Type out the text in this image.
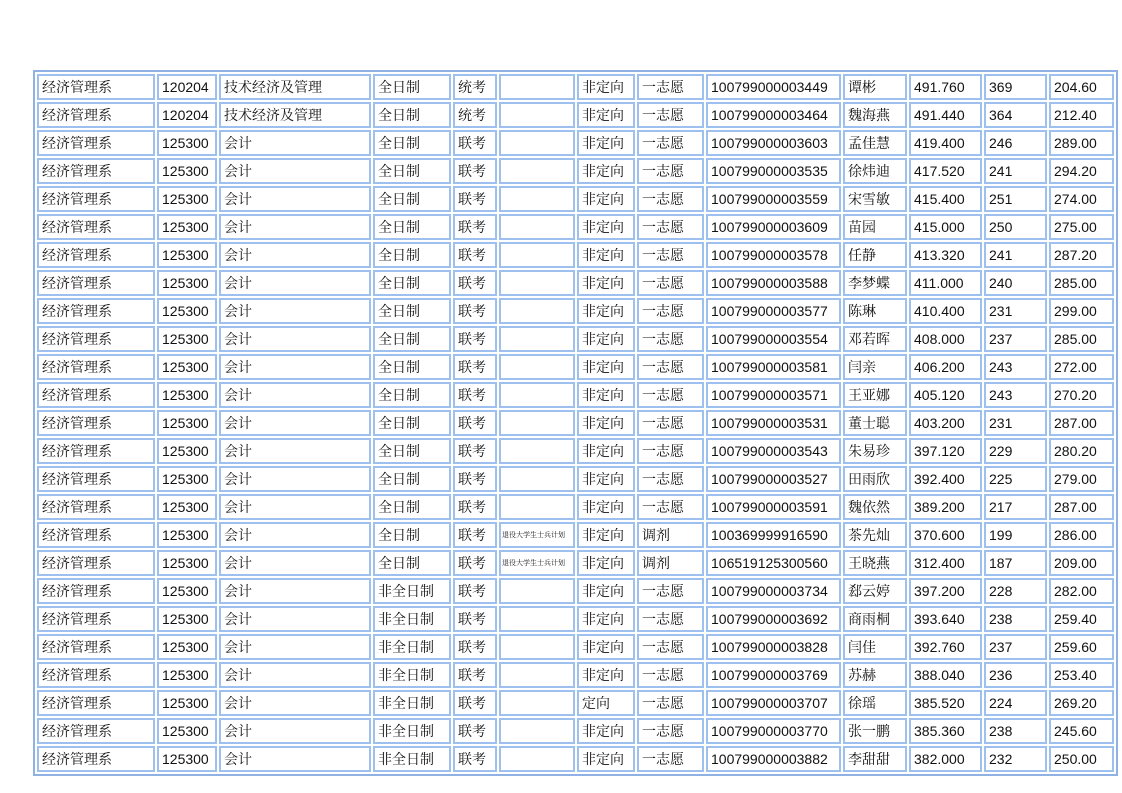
经济管理系	120204	技术经济及管理	全日制	统考		非定向	一志愿	100799000003449	谭彬	491.760	369	204.60
经济管理系	120204	技术经济及管理	全日制	统考		非定向	一志愿	100799000003464	魏海燕	491.440	364	212.40
经济管理系	125300	会计	全日制	联考		非定向	一志愿	100799000003603	孟佳慧	419.400	246	289.00
经济管理系	125300	会计	全日制	联考		非定向	一志愿	100799000003535	徐炜迪	417.520	241	294.20
经济管理系	125300	会计	全日制	联考		非定向	一志愿	100799000003559	宋雪敏	415.400	251	274.00
经济管理系	125300	会计	全日制	联考		非定向	一志愿	100799000003609	苗园	415.000	250	275.00
经济管理系	125300	会计	全日制	联考		非定向	一志愿	100799000003578	任静	413.320	241	287.20
经济管理系	125300	会计	全日制	联考		非定向	一志愿	100799000003588	李梦蝶	411.000	240	285.00
经济管理系	125300	会计	全日制	联考		非定向	一志愿	100799000003577	陈琳	410.400	231	299.00
经济管理系	125300	会计	全日制	联考		非定向	一志愿	100799000003554	邓若晖	408.000	237	285.00
经济管理系	125300	会计	全日制	联考		非定向	一志愿	100799000003581	闫亲	406.200	243	272.00
经济管理系	125300	会计	全日制	联考		非定向	一志愿	100799000003571	王亚娜	405.120	243	270.20
经济管理系	125300	会计	全日制	联考		非定向	一志愿	100799000003531	董士聪	403.200	231	287.00
经济管理系	125300	会计	全日制	联考		非定向	一志愿	100799000003543	朱易珍	397.120	229	280.20
经济管理系	125300	会计	全日制	联考		非定向	一志愿	100799000003527	田雨欣	392.400	225	279.00
经济管理系	125300	会计	全日制	联考		非定向	一志愿	100799000003591	魏依然	389.200	217	287.00
经济管理系	125300	会计	全日制	联考	退役大学生士兵计划	非定向	调剂	100369999916590	茶先灿	370.600	199	286.00
经济管理系	125300	会计	全日制	联考	退役大学生士兵计划	非定向	调剂	106519125300560	王晓燕	312.400	187	209.00
经济管理系	125300	会计	非全日制	联考		非定向	一志愿	100799000003734	郄云婷	397.200	228	282.00
经济管理系	125300	会计	非全日制	联考		非定向	一志愿	100799000003692	商雨桐	393.640	238	259.40
经济管理系	125300	会计	非全日制	联考		非定向	一志愿	100799000003828	闫佳	392.760	237	259.60
经济管理系	125300	会计	非全日制	联考		非定向	一志愿	100799000003769	苏赫	388.040	236	253.40
经济管理系	125300	会计	非全日制	联考		定向	一志愿	100799000003707	徐瑶	385.520	224	269.20
经济管理系	125300	会计	非全日制	联考		非定向	一志愿	100799000003770	张一鹏	385.360	238	245.60
经济管理系	125300	会计	非全日制	联考		非定向	一志愿	100799000003882	李甜甜	382.000	232	250.00
